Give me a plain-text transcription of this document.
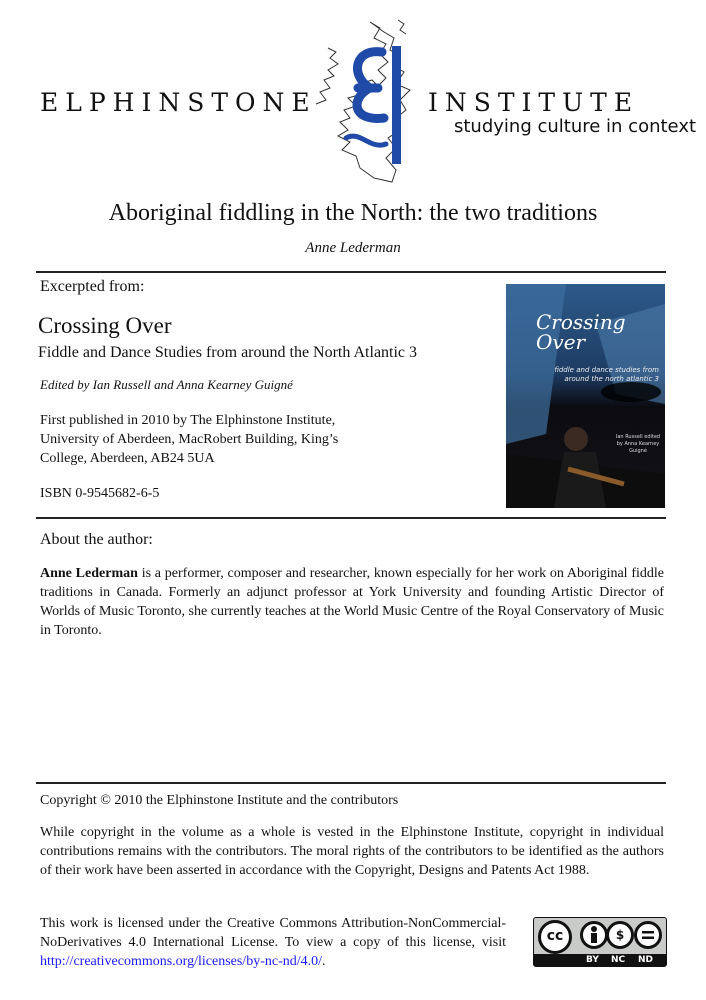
ELPHINSTONE	INSTITUTE
studying culture in context
Aboriginal fiddling in the North: the two traditions
Anne Lederman
Excerpted from:
Crossing Over
Fiddle and Dance Studies from around the North Atlantic 3
Edited by Ian Russell and Anna Kearney Guigné
First published in 2010 by The Elphinstone Institute, University of Aberdeen, MacRobert Building, King’s College, Aberdeen, AB24 5UA
ISBN 0-9545682-6-5
Crossing
Over
fiddle and dance studies from around the north atlantic 3
Ian Russell edited by Anna Kearney Guigné
About the author:
Anne Lederman is a performer, composer and researcher, known especially for her work on Aboriginal fiddle traditions in Canada. Formerly an adjunct professor at York University and founding Artistic Director of Worlds of Music Toronto, she currently teaches at the World Music Centre of the Royal Conservatory of Music in Toronto.
Copyright © 2010 the Elphinstone Institute and the contributors
While copyright in the volume as a whole is vested in the Elphinstone Institute, copyright in individual contributions remains with the contributors. The moral rights of the contributors to be identified as the authors of their work have been asserted in accordance with the Copyright, Designs and Patents Act 1988.
This work is licensed under the Creative Commons Attribution-NonCommercial-NoDerivatives 4.0 International License. To view a copy of this license, visit http://creativecommons.org/licenses/by-nc-nd/4.0/.
cc	$
BY NC ND
